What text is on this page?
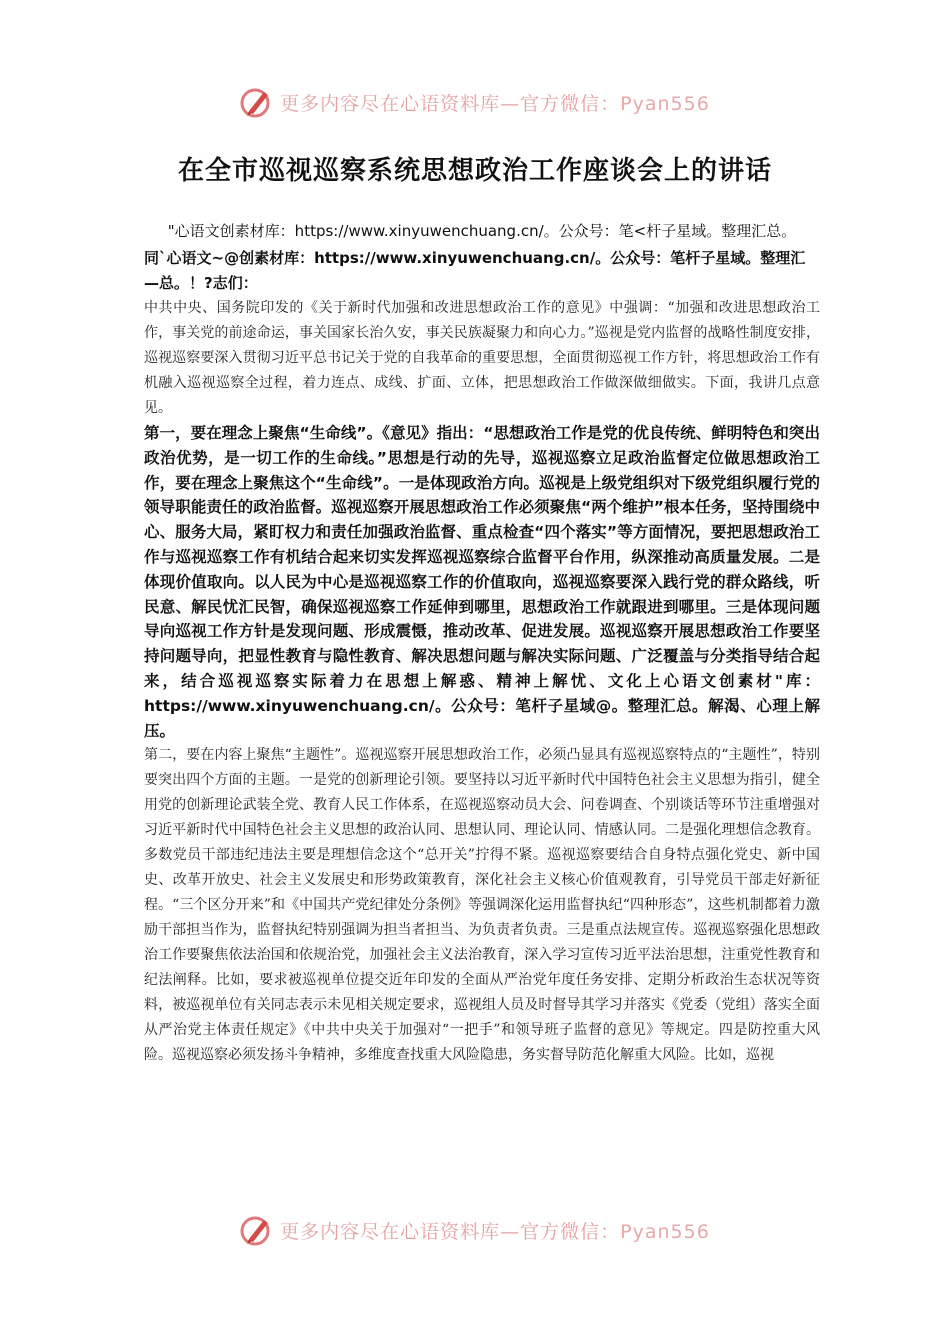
更多内容尽在心语资料库—官方微信：Pyan556
在全市巡视巡察系统思想政治工作座谈会上的讲话
"心语文创素材库：https://www.xinyuwenchuang.cn/。公众号：笔<杆子星域。整理汇总。
同`心语文~@创素材库：https://www.xinyuwenchuang.cn/。公众号：笔杆子星域。整理汇—总。！?志们：

中共中央、国务院印发的《关于新时代加强和改进思想政治工作的意见》中强调：“加强和改进思想政治工作，事关党的前途命运，事关国家长治久安，事关民族凝聚力和向心力。”巡视是党内监督的战略性制度安排，巡视巡察要深入贯彻习近平总书记关于党的自我革命的重要思想，全面贯彻巡视工作方针，将思想政治工作有机融入巡视巡察全过程，着力连点、成线、扩面、立体，把思想政治工作做深做细做实。下面，我讲几点意见。

第一，要在理念上聚焦“生命线”。《意见》指出：“思想政治工作是党的优良传统、鲜明特色和突出政治优势，是一切工作的生命线。”思想是行动的先导，巡视巡察立足政治监督定位做思想政治工作，要在理念上聚焦这个“生命线”。一是体现政治方向。巡视是上级党组织对下级党组织履行党的领导职能责任的政治监督。巡视巡察开展思想政治工作必须聚焦“两个维护”根本任务，坚持围绕中心、服务大局，紧盯权力和责任加强政治监督、重点检查“四个落实”等方面情况，要把思想政治工作与巡视巡察工作有机结合起来切实发挥巡视巡察综合监督平台作用，纵深推动高质量发展。二是体现价值取向。以人民为中心是巡视巡察工作的价值取向，巡视巡察要深入践行党的群众路线，听民意、解民忧汇民智，确保巡视巡察工作延伸到哪里，思想政治工作就跟进到哪里。三是体现问题导向巡视工作方针是发现问题、形成震慑，推动改革、促进发展。巡视巡察开展思想政治工作要坚持问题导向，把显性教育与隐性教育、解决思想问题与解决实际问题、广泛覆盖与分类指导结合起来，结合巡视巡察实际着力在思想上解惑、精神上解忧、文化上心语文创素材"库：https://www.xinyuwenchuang.cn/。公众号：笔杆子星域@。整理汇总。解渴、心理上解压。

第二，要在内容上聚焦“主题性”。巡视巡察开展思想政治工作，必须凸显具有巡视巡察特点的“主题性”，特别要突出四个方面的主题。一是党的创新理论引领。要坚持以习近平新时代中国特色社会主义思想为指引，健全用党的创新理论武装全党、教育人民工作体系，在巡视巡察动员大会、问卷调查、个别谈话等环节注重增强对习近平新时代中国特色社会主义思想的政治认同、思想认同、理论认同、情感认同。二是强化理想信念教育。多数党员干部违纪违法主要是理想信念这个“总开关”拧得不紧。巡视巡察要结合自身特点强化党史、新中国史、改革开放史、社会主义发展史和形势政策教育，深化社会主义核心价值观教育，引导党员干部走好新征程。“三个区分开来”和《中国共产党纪律处分条例》等强调深化运用监督执纪“四种形态”，这些机制都着力激励干部担当作为，监督执纪特别强调为担当者担当、为负责者负责。三是重点法规宣传。巡视巡察强化思想政治工作要聚焦依法治国和依规治党，加强社会主义法治教育，深入学习宣传习近平法治思想，注重党性教育和纪法阐释。比如，要求被巡视单位提交近年印发的全面从严治党年度任务安排、定期分析政治生态状况等资料，被巡视单位有关同志表示未见相关规定要求，巡视组人员及时督导其学习并落实《党委（党组）落实全面从严治党主体责任规定》《中共中央关于加强对“一把手”和领导班子监督的意见》等规定。四是防控重大风险。巡视巡察必须发扬斗争精神，多维度查找重大风险隐患，务实督导防范化解重大风险。比如，巡视

更多内容尽在心语资料库—官方微信：Pyan556
